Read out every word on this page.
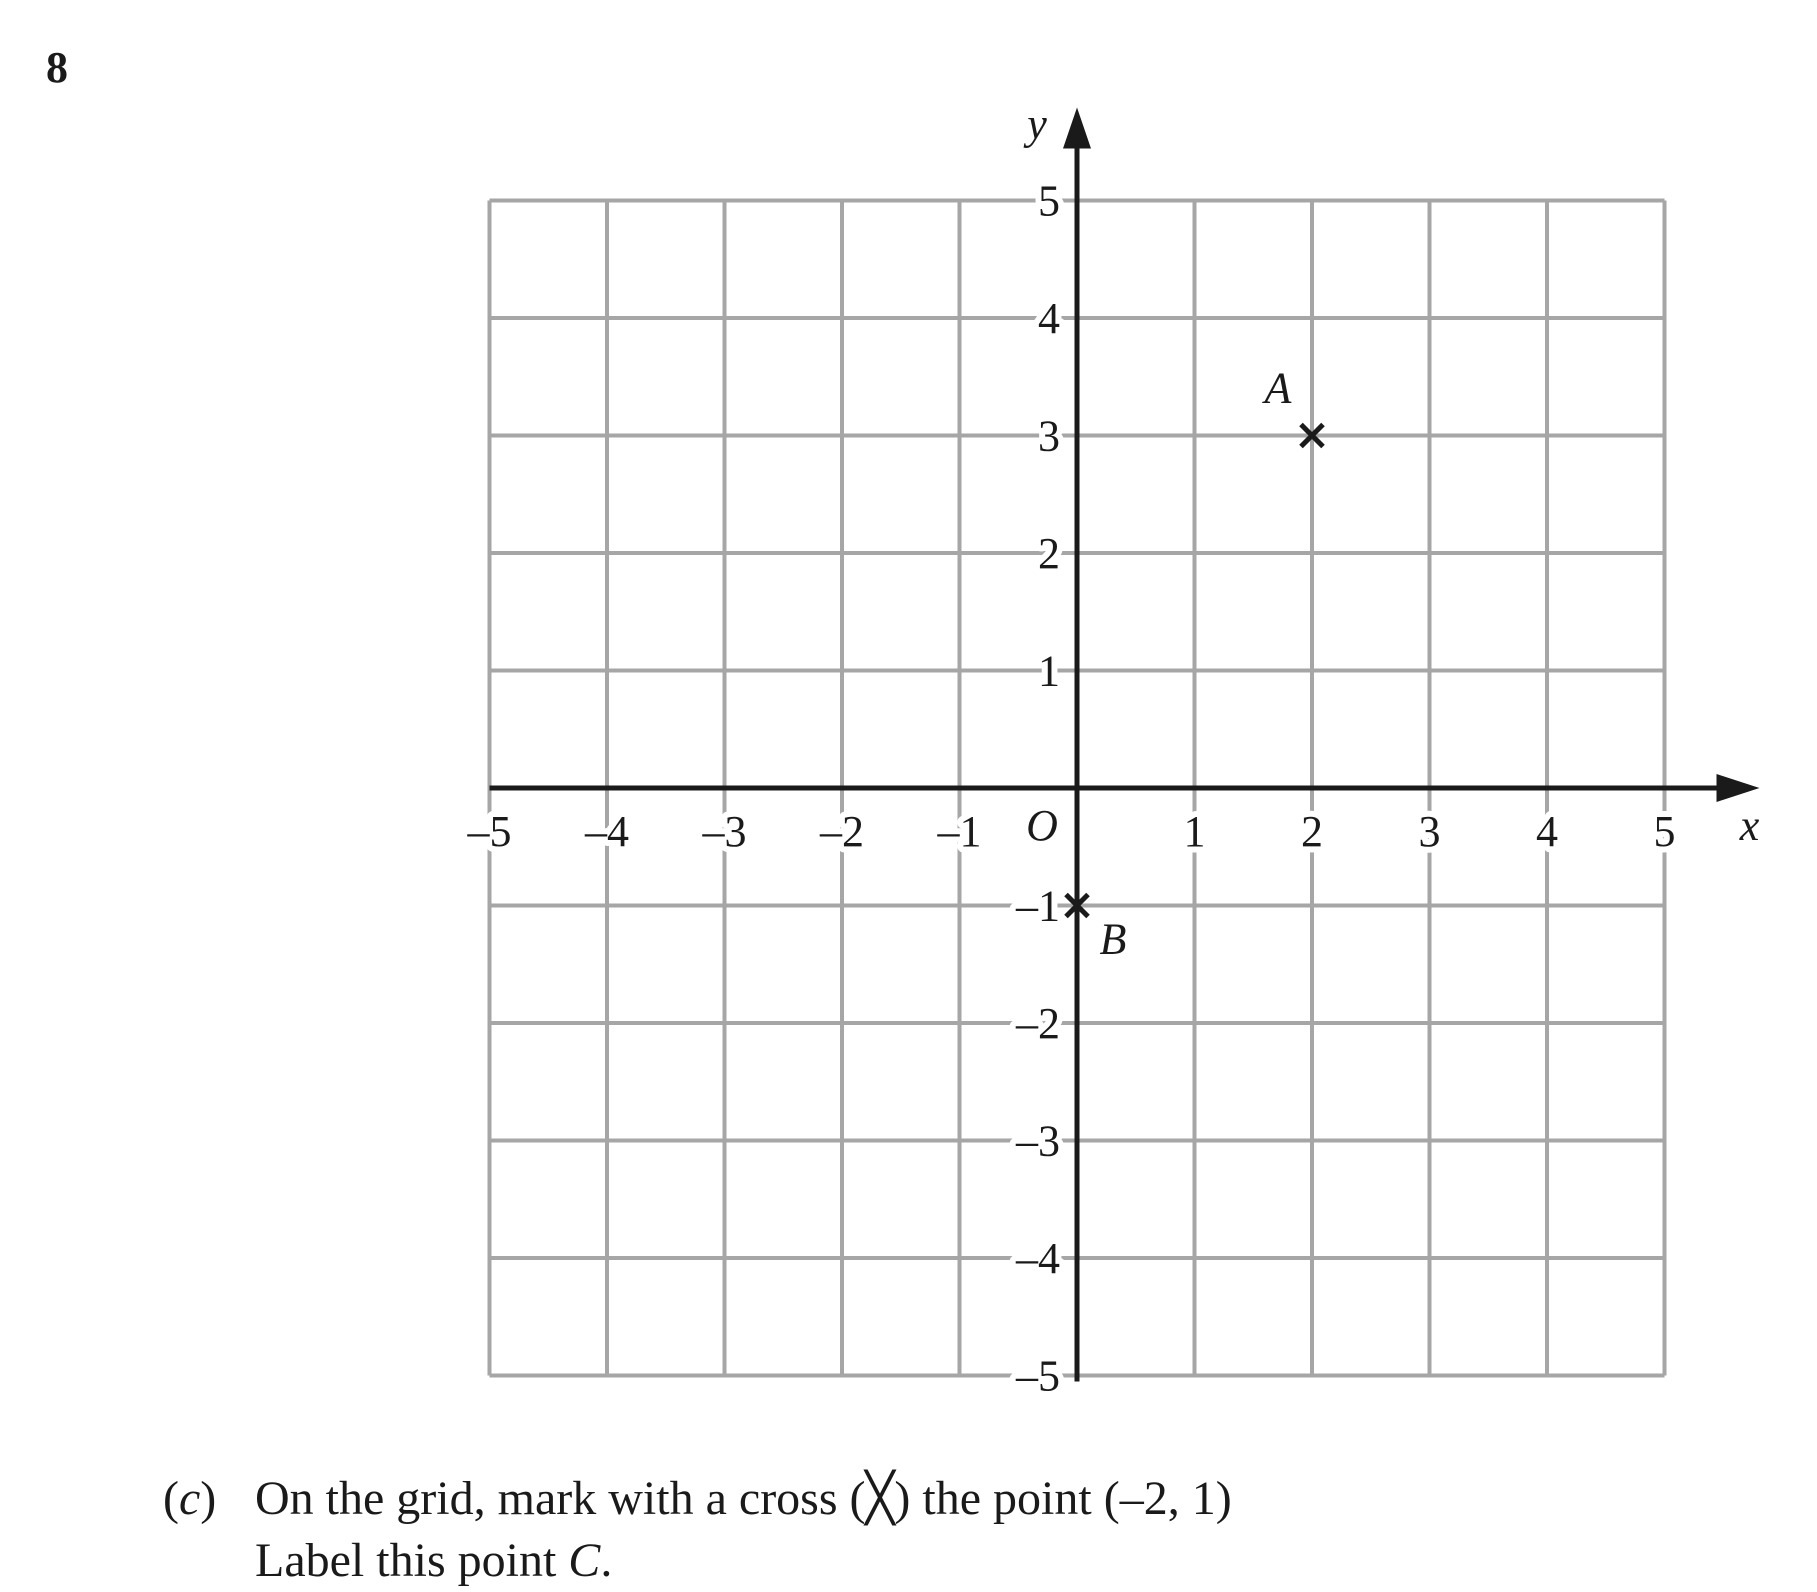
8
–5 –4 –3 –2 –1	1 2 3 4 5
5
4
3
2
1
–1
–2
–3
–4
–5
O	x
y
A
B
(c) On the grid, mark with a cross (╳) the point (–2, 1)
Label this point C.
